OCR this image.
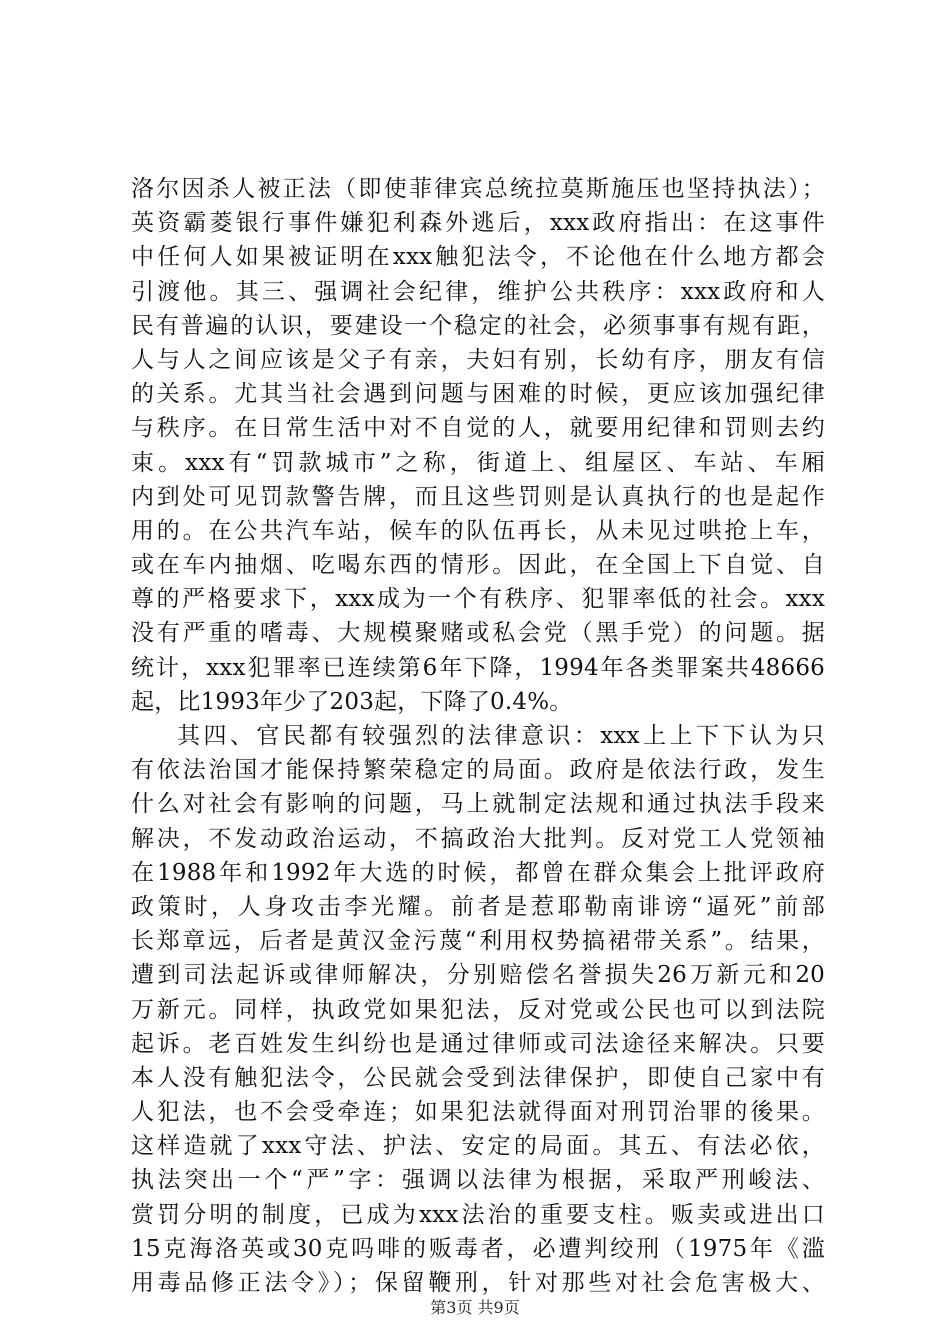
洛尔因杀人被正法（即使菲律宾总统拉莫斯施压也坚持执法）；
英资霸菱银行事件嫌犯利森外逃后，xxx政府指出：在这事件
中任何人如果被证明在xxx触犯法令，不论他在什么地方都会
引渡他。其三、强调社会纪律，维护公共秩序：xxx政府和人
民有普遍的认识，要建设一个稳定的社会，必须事事有规有距，
人与人之间应该是父子有亲，夫妇有别，长幼有序，朋友有信
的关系。尤其当社会遇到问题与困难的时候，更应该加强纪律
与秩序。在日常生活中对不自觉的人，就要用纪律和罚则去约
束。xxx有“罚款城市”之称，街道上、组屋区、车站、车厢
内到处可见罚款警告牌，而且这些罚则是认真执行的也是起作
用的。在公共汽车站，候车的队伍再长，从未见过哄抢上车，
或在车内抽烟、吃喝东西的情形。因此，在全国上下自觉、自
尊的严格要求下，xxx成为一个有秩序、犯罪率低的社会。xxx
没有严重的嗜毒、大规模聚赌或私会党（黑手党）的问题。据
统计，xxx犯罪率已连续第6年下降，1994年各类罪案共48666
起，比1993年少了203起，下降了0.4%。
其四、官民都有较强烈的法律意识：xxx上上下下认为只
有依法治国才能保持繁荣稳定的局面。政府是依法行政，发生
什么对社会有影响的问题，马上就制定法规和通过执法手段来
解决，不发动政治运动，不搞政治大批判。反对党工人党领袖
在1988年和1992年大选的时候，都曾在群众集会上批评政府
政策时，人身攻击李光耀。前者是惹耶勒南诽谤“逼死”前部
长郑章远，后者是黄汉金污蔑“利用权势搞裙带关系”。结果，
遭到司法起诉或律师解决，分别赔偿名誉损失26万新元和20
万新元。同样，执政党如果犯法，反对党或公民也可以到法院
起诉。老百姓发生纠纷也是通过律师或司法途径来解决。只要
本人没有触犯法令，公民就会受到法律保护，即使自己家中有
人犯法，也不会受牵连；如果犯法就得面对刑罚治罪的後果。
这样造就了xxx守法、护法、安定的局面。其五、有法必依，
执法突出一个“严”字：强调以法律为根据，采取严刑峻法、
赏罚分明的制度，已成为xxx法治的重要支柱。贩卖或进出口
15克海洛英或30克吗啡的贩毒者，必遭判绞刑（1975年《滥
用毒品修正法令》）；保留鞭刑，针对那些对社会危害极大、
第3页 共9页
